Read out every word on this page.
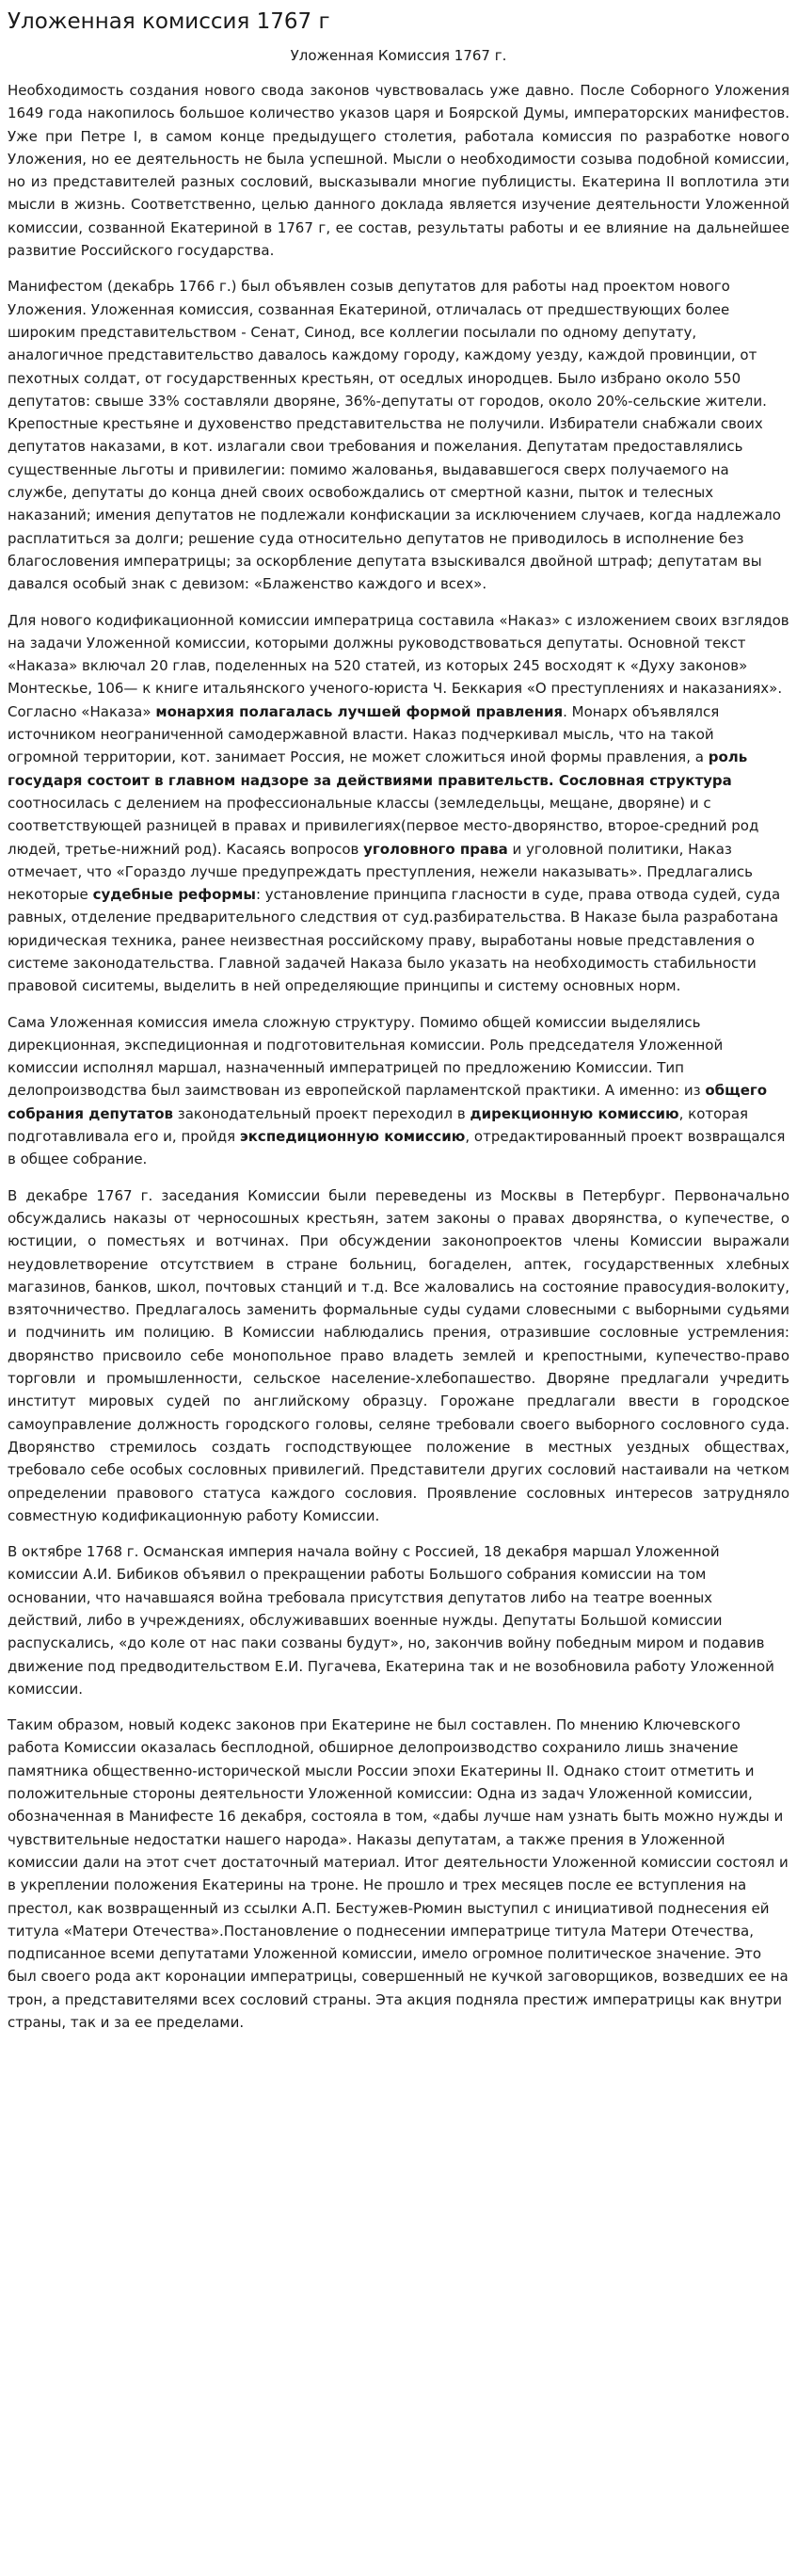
Уложенная комиссия 1767 г
Уложенная Комиссия 1767 г.

Необходимость создания нового свода законов чувствовалась уже давно. После Соборного Уложения 1649 года накопилось большое количество указов царя и Боярской Думы, императорских манифестов. Уже при Петре I, в самом конце предыдущего столетия, работала комиссия по разработке нового Уложения, но ее деятельность не была успешной. Мысли о необходимости созыва подобной комиссии, но из представителей разных сословий, высказывали многие публицисты. Екатерина II воплотила эти мысли в жизнь. Соответственно, целью данного доклада является изучение деятельности Уложенной комиссии, созванной Екатериной в 1767 г, ее состав, результаты работы и ее влияние на дальнейшее развитие Российского государства.

Манифестом (декабрь 1766 г.) был объявлен созыв депутатов для работы над проектом нового Уложения. Уложенная комиссия, созванная Екатериной, отличалась от предшествующих более широким представительством - Сенат, Синод, все коллегии посылали по одному депутату, аналогичное представительство давалось каждому городу, каждому уезду, каждой провинции, от пехотных солдат, от государственных крестьян, от оседлых инородцев. Было избрано около 550 депутатов: свыше 33% составляли дворяне, 36%-депутаты от городов, около 20%-сельские жители. Крепостные крестьяне и духовенство представительства не получили. Избиратели снабжали своих депутатов наказами, в кот. излагали свои требования и пожелания. Депутатам предоставлялись существенные льготы и привилегии: помимо жалованья, выдававшегося сверх получаемого на службе, депутаты до конца дней своих освобождались от смертной казни, пыток и телесных наказаний; имения депутатов не подлежали конфискации за исключением случаев, когда надлежало расплатиться за долги; решение суда относительно депутатов не приводилось в исполнение без благословения императрицы; за оскорбление депутата взыскивался двойной штраф; депутатам вы давался особый знак с девизом: «Блаженство каждого и всех».

Для нового кодификационной комиссии императрица составила «Наказ» с изложением своих взглядов на задачи Уложенной комиссии, которыми должны руководствоваться депутаты. Основной текст «Наказа» включал 20 глав, поделенных на 520 статей, из которых 245 восходят к «Духу законов» Монтескье, 106— к книге итальянского ученого-юриста Ч. Беккария «О преступлениях и наказаниях». Согласно «Наказа» монархия полагалась лучшей формой правления. Монарх объявлялся источником неограниченной самодержавной власти. Наказ подчеркивал мысль, что на такой огромной территории, кот. занимает Россия, не может сложиться иной формы правления, а роль государя состоит в главном надзоре за действиями правительств. Сословная структура соотносилась с делением на профессиональные классы (земледельцы, мещане, дворяне) и с соответствующей разницей в правах и привилегиях(первое место-дворянство, второе-средний род людей, третье-нижний род). Касаясь вопросов уголовного права и уголовной политики, Наказ отмечает, что «Гораздо лучше предупреждать преступления, нежели наказывать». Предлагались некоторые судебные реформы: установление принципа гласности в суде, права отвода судей, суда равных, отделение предварительного следствия от суд.разбирательства. В Наказе была разработана юридическая техника, ранее неизвестная российскому праву, выработаны новые представления о системе законодательства. Главной задачей Наказа было указать на необходимость стабильности правовой сиситемы, выделить в ней определяющие принципы и систему основных норм.

Сама Уложенная комиссия имела сложную структуру. Помимо общей комиссии выделялись дирекционная, экспедиционная и подготовительная комиссии. Роль председателя Уложенной комиссии исполнял маршал, назначенный императрицей по предложению Комиссии. Тип делопроизводства был заимствован из европейской парламентской практики. А именно: из общего собрания депутатов законодательный проект переходил в дирекционную комиссию, которая подготавливала его и, пройдя экспедиционную комиссию, отредактированный проект возвращался в общее собрание.

В декабре 1767 г. заседания Комиссии были переведены из Москвы в Петербург. Первоначально обсуждались наказы от черносошных крестьян, затем законы о правах дворянства, о купечестве, о юстиции, о поместьях и вотчинах. При обсуждении законопроектов члены Комиссии выражали неудовлетворение отсутствием в стране больниц, богаделен, аптек, государственных хлебных магазинов, банков, школ, почтовых станций и т.д. Все жаловались на состояние правосудия-волокиту, взяточничество. Предлагалось заменить формальные суды судами словесными с выборными судьями и подчинить им полицию. В Комиссии наблюдались прения, отразившие сословные устремления: дворянство присвоило себе монопольное право владеть землей и крепостными, купечество-право торговли и промышленности, сельское население-хлебопашество. Дворяне предлагали учредить институт мировых судей по английскому образцу. Горожане предлагали ввести в городское самоуправление должность городского головы, селяне требовали своего выборного сословного суда. Дворянство стремилось создать господствующее положение в местных уездных обществах, требовало себе особых сословных привилегий. Представители других сословий настаивали на четком определении правового статуса каждого сословия. Проявление сословных интересов затрудняло совместную кодификационную работу Комиссии.

В октябре 1768 г. Османская империя начала войну с Россией, 18 декабря маршал Уложенной комиссии А.И. Бибиков объявил о прекращении работы Большого собрания комиссии на том основании, что начавшаяся война требовала присутствия депутатов либо на театре военных действий, либо в учреждениях, обслуживавших военные нужды. Депутаты Большой комиссии распускались, «до коле от нас паки созваны будут», но, закончив войну победным миром и подавив движение под предводительством Е.И. Пугачева, Екатерина так и не возобновила работу Уложенной комиссии.

Таким образом, новый кодекс законов при Екатерине не был составлен. По мнению Ключевского работа Комиссии оказалась бесплодной, обширное делопроизводство сохранило лишь значение памятника общественно-исторической мысли России эпохи Екатерины II. Однако стоит отметить и положительные стороны деятельности Уложенной комиссии: Одна из задач Уложенной комиссии, обозначенная в Манифесте 16 декабря, состояла в том, «дабы лучше нам узнать быть можно нужды и чувствительные недостатки нашего народа». Наказы депутатам, а также прения в Уложенной комиссии дали на этот счет достаточный материал. Итог деятельности Уложенной комиссии состоял и в укреплении положения Екатерины на троне. Не прошло и трех месяцев после ее вступления на престол, как возвращенный из ссылки А.П. Бестужев-Рюмин выступил с инициативой поднесения ей титула «Матери Отечества».Постановление о поднесении императрице титула Матери Отечества, подписанное всеми депутатами Уложенной комиссии, имело огромное политическое значение. Это был своего рода акт коронации императрицы, совершенный не кучкой заговорщиков, возведших ее на трон, а представителями всех сословий страны. Эта акция подняла престиж императрицы как внутри страны, так и за ее пределами.
